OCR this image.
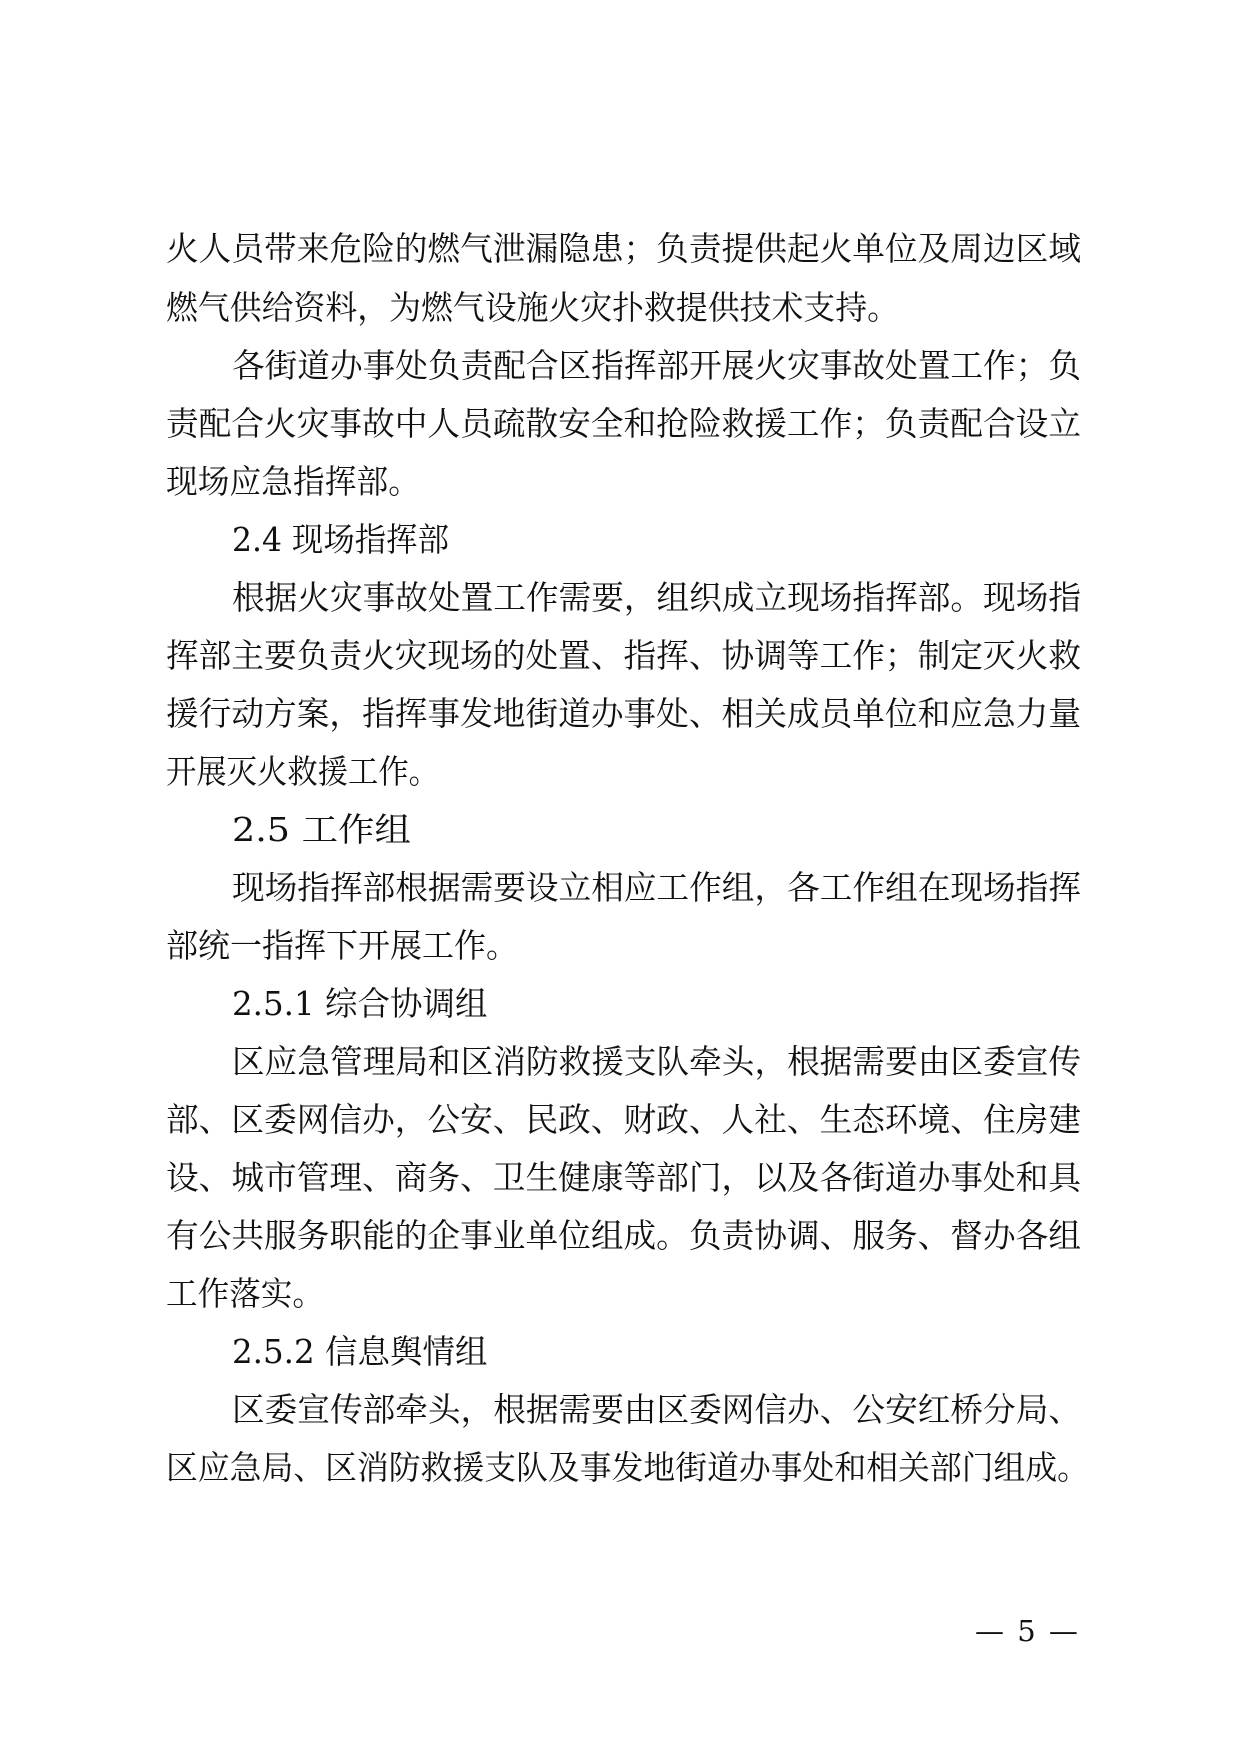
火人员带来危险的燃气泄漏隐患；负责提供起火单位及周边区域
燃气供给资料，为燃气设施火灾扑救提供技术支持。
各街道办事处负责配合区指挥部开展火灾事故处置工作；负
责配合火灾事故中人员疏散安全和抢险救援工作；负责配合设立
现场应急指挥部。
2.4 现场指挥部
根据火灾事故处置工作需要，组织成立现场指挥部。现场指
挥部主要负责火灾现场的处置、指挥、协调等工作；制定灭火救
援行动方案，指挥事发地街道办事处、相关成员单位和应急力量
开展灭火救援工作。
2.5 工作组
现场指挥部根据需要设立相应工作组，各工作组在现场指挥
部统一指挥下开展工作。
2.5.1 综合协调组
区应急管理局和区消防救援支队牵头，根据需要由区委宣传
部、区委网信办，公安、民政、财政、人社、生态环境、住房建
设、城市管理、商务、卫生健康等部门，以及各街道办事处和具
有公共服务职能的企事业单位组成。负责协调、服务、督办各组
工作落实。
2.5.2 信息舆情组
区委宣传部牵头，根据需要由区委网信办、公安红桥分局、
区应急局、区消防救援支队及事发地街道办事处和相关部门组成。
— 5 —
